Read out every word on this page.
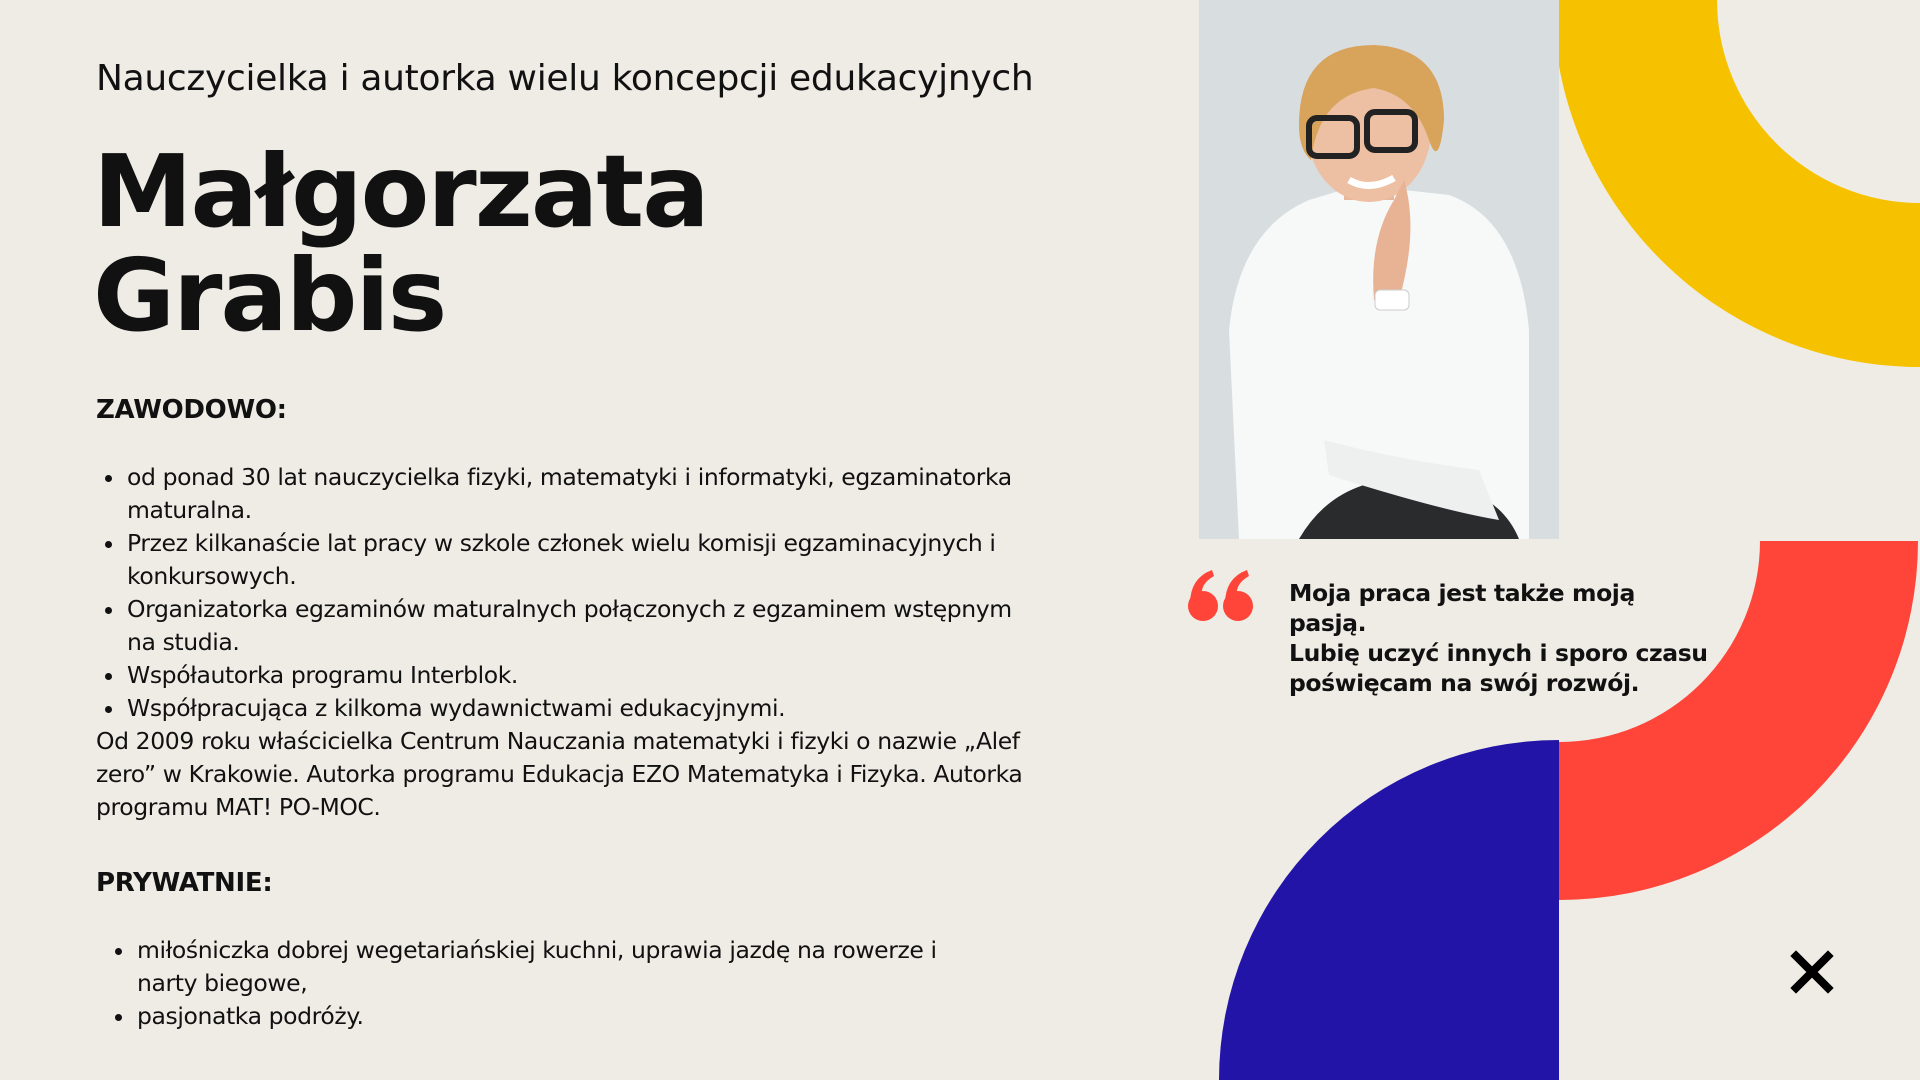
Nauczycielka i autorka wielu koncepcji edukacyjnych
Małgorzata
Grabis
ZAWODOWO:
od ponad 30 lat nauczycielka fizyki, matematyki i informatyki, egzaminatorka maturalna.
Przez kilkanaście lat pracy w szkole członek wielu komisji egzaminacyjnych i konkursowych.
Organizatorka egzaminów maturalnych połączonych z egzaminem wstępnym na studia.
Współautorka programu Interblok.
Współpracująca z kilkoma wydawnictwami edukacyjnymi.
Od 2009 roku właścicielka Centrum Nauczania matematyki i fizyki o nazwie „Alef zero” w Krakowie. Autorka programu Edukacja EZO Matematyka i Fizyka. Autorka programu MAT! PO-MOC.
PRYWATNIE:
miłośniczka dobrej wegetariańskiej kuchni, uprawia jazdę na rowerze i narty biegowe,
pasjonatka podróży.
Moja praca jest także moją pasją.
Lubię uczyć innych i sporo czasu
poświęcam na swój rozwój.
